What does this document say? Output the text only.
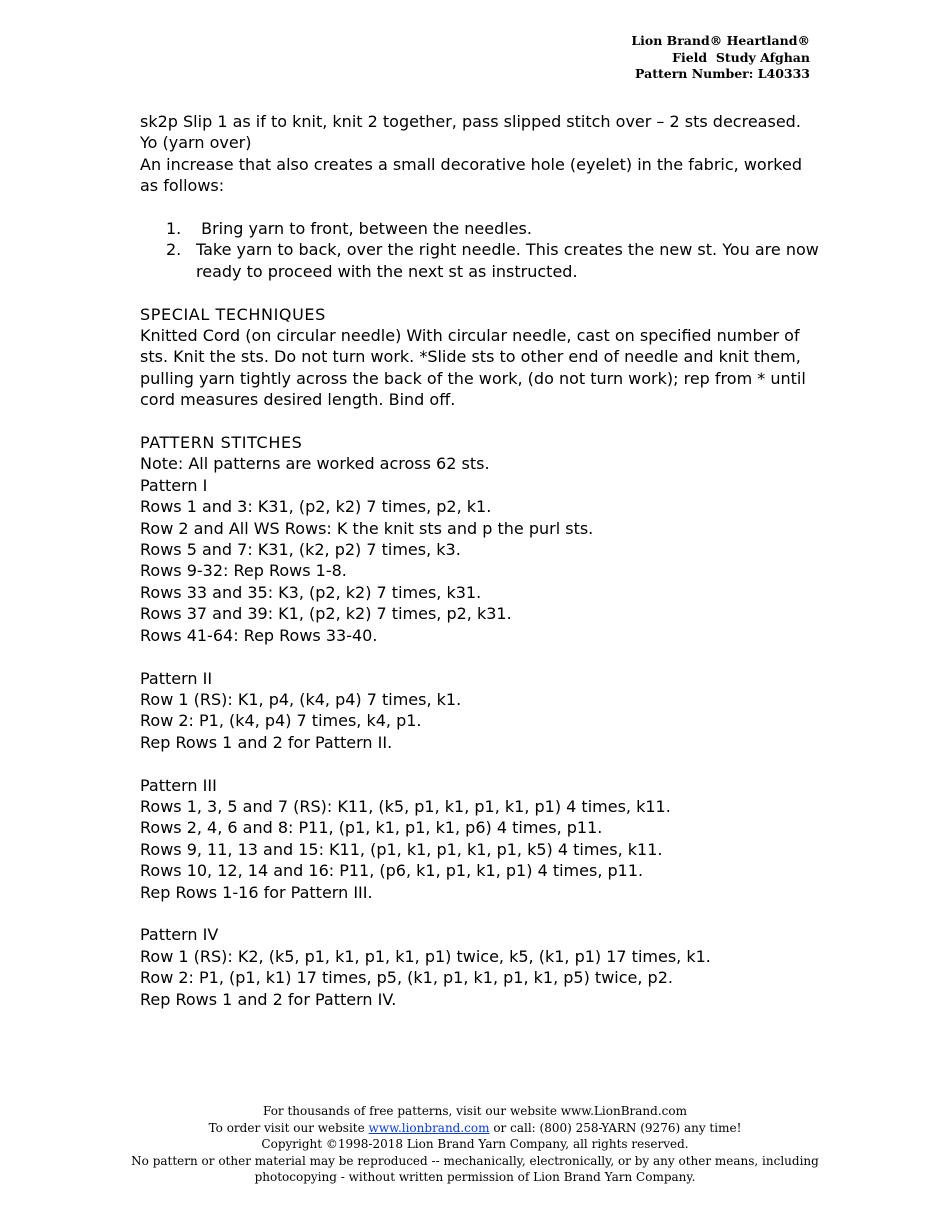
Lion Brand® Heartland®
Field  Study Afghan
Pattern Number: L40333

sk2p Slip 1 as if to knit, knit 2 together, pass slipped stitch over – 2 sts decreased.

Yo (yarn over)

An increase that also creates a small decorative hole (eyelet) in the fabric, worked as follows:

1. Bring yarn to front, between the needles.
2. Take yarn to back, over the right needle. This creates the new st. You are now ready to proceed with the next st as instructed.

SPECIAL TECHNIQUES

Knitted Cord (on circular needle) With circular needle, cast on specified number of sts. Knit the sts. Do not turn work. *Slide sts to other end of needle and knit them, pulling yarn tightly across the back of the work, (do not turn work); rep from * until cord measures desired length. Bind off.

PATTERN STITCHES

Note: All patterns are worked across 62 sts.

Pattern I

Rows 1 and 3: K31, (p2, k2) 7 times, p2, k1.

Row 2 and All WS Rows: K the knit sts and p the purl sts.

Rows 5 and 7: K31, (k2, p2) 7 times, k3.

Rows 9-32: Rep Rows 1-8.

Rows 33 and 35: K3, (p2, k2) 7 times, k31.

Rows 37 and 39: K1, (p2, k2) 7 times, p2, k31.

Rows 41-64: Rep Rows 33-40.

Pattern II

Row 1 (RS): K1, p4, (k4, p4) 7 times, k1.

Row 2: P1, (k4, p4) 7 times, k4, p1.

Rep Rows 1 and 2 for Pattern II.

Pattern III

Rows 1, 3, 5 and 7 (RS): K11, (k5, p1, k1, p1, k1, p1) 4 times, k11.

Rows 2, 4, 6 and 8: P11, (p1, k1, p1, k1, p6) 4 times, p11.

Rows 9, 11, 13 and 15: K11, (p1, k1, p1, k1, p1, k5) 4 times, k11.

Rows 10, 12, 14 and 16: P11, (p6, k1, p1, k1, p1) 4 times, p11.

Rep Rows 1-16 for Pattern III.

Pattern IV

Row 1 (RS): K2, (k5, p1, k1, p1, k1, p1) twice, k5, (k1, p1) 17 times, k1.

Row 2: P1, (p1, k1) 17 times, p5, (k1, p1, k1, p1, k1, p5) twice, p2.

Rep Rows 1 and 2 for Pattern IV.

For thousands of free patterns, visit our website www.LionBrand.com
To order visit our website www.lionbrand.com or call: (800) 258-YARN (9276) any time!
Copyright ©1998-2018 Lion Brand Yarn Company, all rights reserved.
No pattern or other material may be reproduced -- mechanically, electronically, or by any other means, including
photocopying - without written permission of Lion Brand Yarn Company.
